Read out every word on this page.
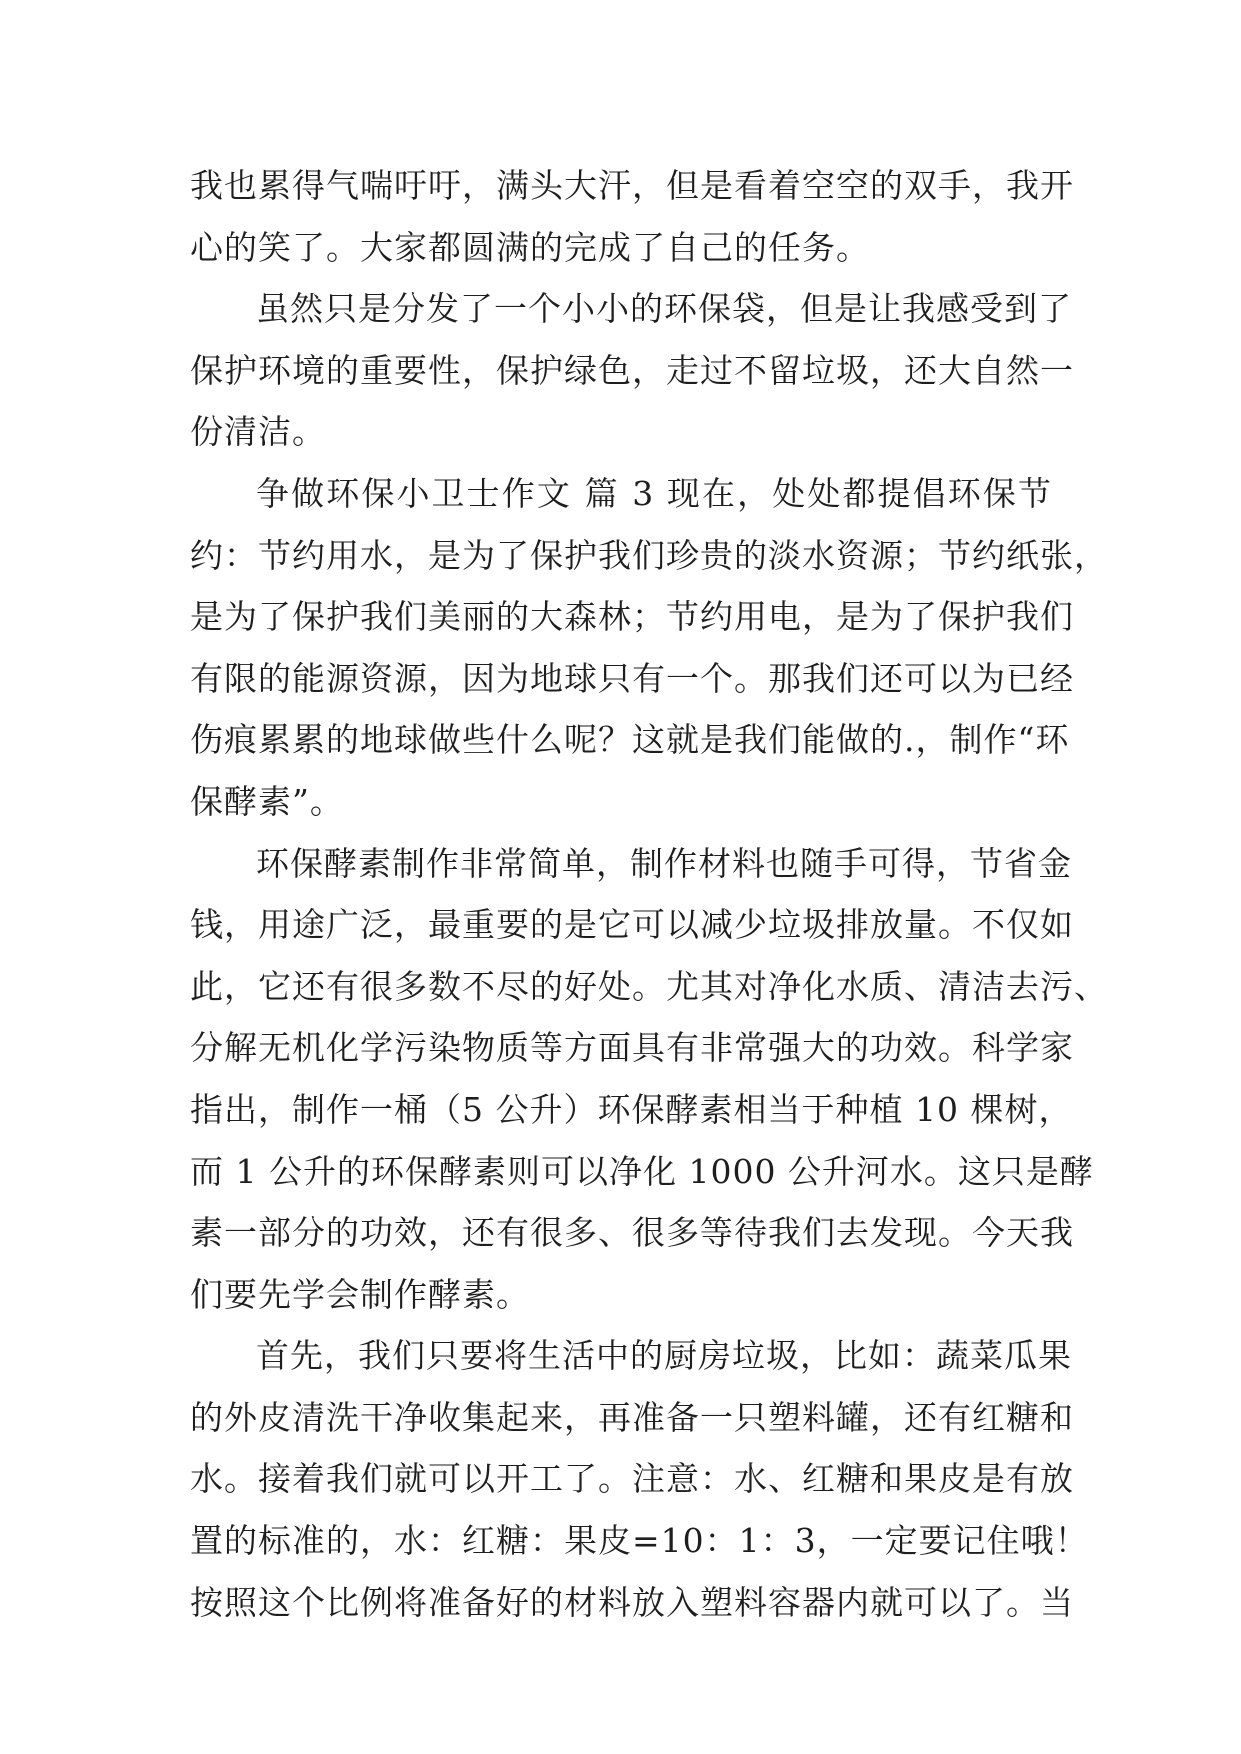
我也累得气喘吁吁，满头大汗，但是看着空空的双手，我开
心的笑了。大家都圆满的完成了自己的任务。
虽然只是分发了一个小小的环保袋，但是让我感受到了
保护环境的重要性，保护绿色，走过不留垃圾，还大自然一
份清洁。
争做环保小卫士作文 篇 3 现在，处处都提倡环保节
约：节约用水，是为了保护我们珍贵的淡水资源；节约纸张，
是为了保护我们美丽的大森林；节约用电，是为了保护我们
有限的能源资源，因为地球只有一个。那我们还可以为已经
伤痕累累的地球做些什么呢？这就是我们能做的.，制作“环
保酵素”。
环保酵素制作非常简单，制作材料也随手可得，节省金
钱，用途广泛，最重要的是它可以减少垃圾排放量。不仅如
此，它还有很多数不尽的好处。尤其对净化水质、清洁去污、
分解无机化学污染物质等方面具有非常强大的功效。科学家
指出，制作一桶（5 公升）环保酵素相当于种植 10 棵树，
而 1 公升的环保酵素则可以净化 1000 公升河水。这只是酵
素一部分的功效，还有很多、很多等待我们去发现。今天我
们要先学会制作酵素。
首先，我们只要将生活中的厨房垃圾，比如：蔬菜瓜果
的外皮清洗干净收集起来，再准备一只塑料罐，还有红糖和
水。接着我们就可以开工了。注意：水、红糖和果皮是有放
置的标准的，水：红糖：果皮=10：1：3，一定要记住哦！
按照这个比例将准备好的材料放入塑料容器内就可以了。当
